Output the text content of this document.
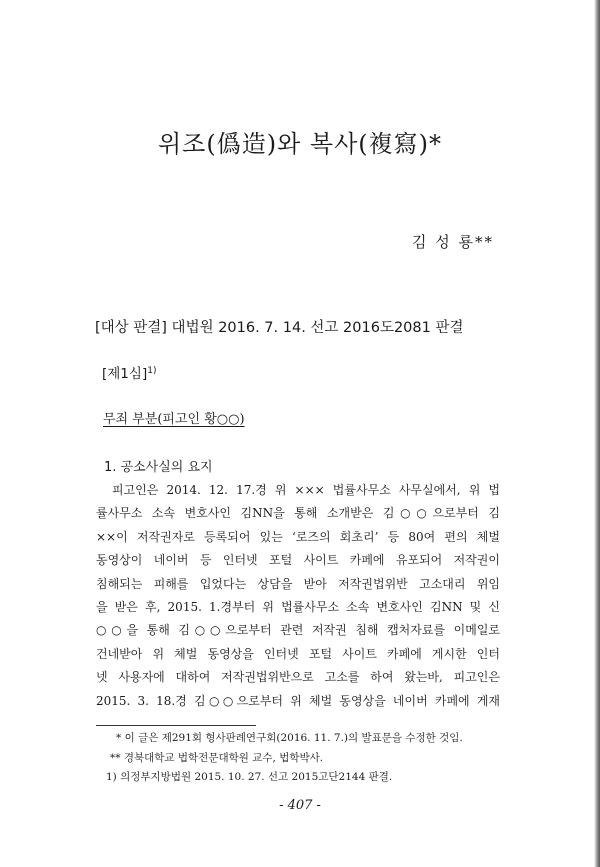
위조(僞造)와 복사(複寫)*
김 성 룡**
[대상 판결] 대법원 2016. 7. 14. 선고 2016도2081 판결
[제1심]$^{1)}$
무죄 부분(피고인 황○○)
1. 공소사실의 요지
피고인은 2014. 12. 17.경 위 ××× 법률사무소 사무실에서, 위 법
률사무소 소속 변호사인 김NN을 통해 소개받은 김○○으로부터 김
××이 저작권자로 등록되어 있는 ‘로즈의 회초리’ 등 80여 편의 체벌
동영상이 네이버 등 인터넷 포털 사이트 카페에 유포되어 저작권이
침해되는 피해를 입었다는 상담을 받아 저작권법위반 고소대리 위임
을 받은 후, 2015. 1.경부터 위 법률사무소 소속 변호사인 김NN 및 신
○○을 통해 김○○으로부터 관련 저작권 침해 캡처자료를 이메일로
건네받아 위 체벌 동영상을 인터넷 포털 사이트 카페에 게시한 인터
넷 사용자에 대하여 저작권법위반으로 고소를 하여 왔는바, 피고인은
2015. 3. 18.경 김○○으로부터 위 체벌 동영상을 네이버 카페에 게재
* 이 글은 제291회 형사판례연구회(2016. 11. 7.)의 발표문을 수정한 것임.
** 경북대학교 법학전문대학원 교수, 법학박사.
1) 의정부지방법원 2015. 10. 27. 선고 2015고단2144 판결.
- 407 -
